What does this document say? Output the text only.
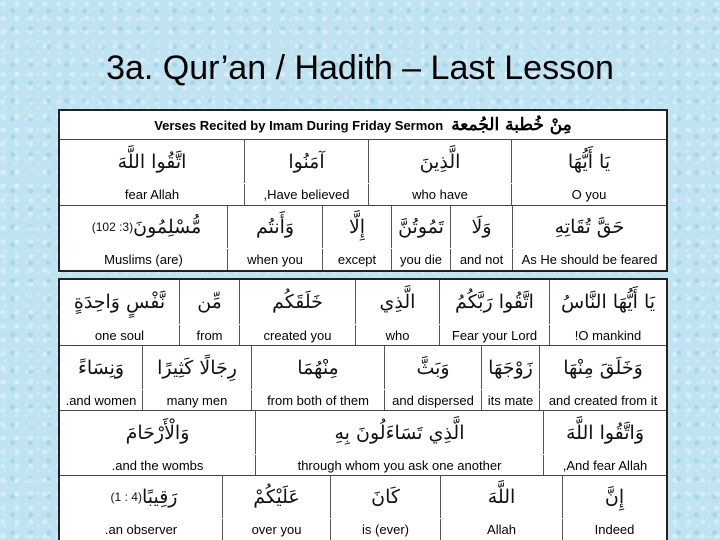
3a. Qur’an / Hadith – Last Lesson
Verses Recited by Imam During Friday Sermon مِنْ خُطبة الجُمعة
يَا أَيُّهَا
الَّذِينَ
آمَنُوا
اتَّقُوا اللَّهَ
O you
who have
Have believed,
fear Allah
حَقَّ تُقَاتِهِ
وَلَا
تَمُوتُنَّ
إِلَّا
وَأَنتُم
مُّسْلِمُونَ
(3: 102)
As He should be feared
and not
you die
except
when you
(are) Muslims
يَا أَيُّهَا النَّاسُ
اتَّقُوا رَبَّكُمُ
الَّذِي
خَلَقَكُم
مِّن
نَّفْسٍ وَاحِدَةٍ
O mankind!
Fear your Lord
who
created you
from
one soul
وَخَلَقَ مِنْهَا
زَوْجَهَا
وَبَثَّ
مِنْهُمَا
رِجَالًا كَثِيرًا
وَنِسَاءً
and created from it
its mate
and dispersed
from both of them
many men
and women.
وَاتَّقُوا اللَّهَ
الَّذِي تَسَاءَلُونَ بِهِ
وَالْأَرْحَامَ
And fear Allah,
through whom you ask one another
and the wombs.
إِنَّ
اللَّهَ
كَانَ
عَلَيْكُمْ
رَقِيبًا
(4 : 1)
Indeed
Allah
is (ever)
over you
an observer.
